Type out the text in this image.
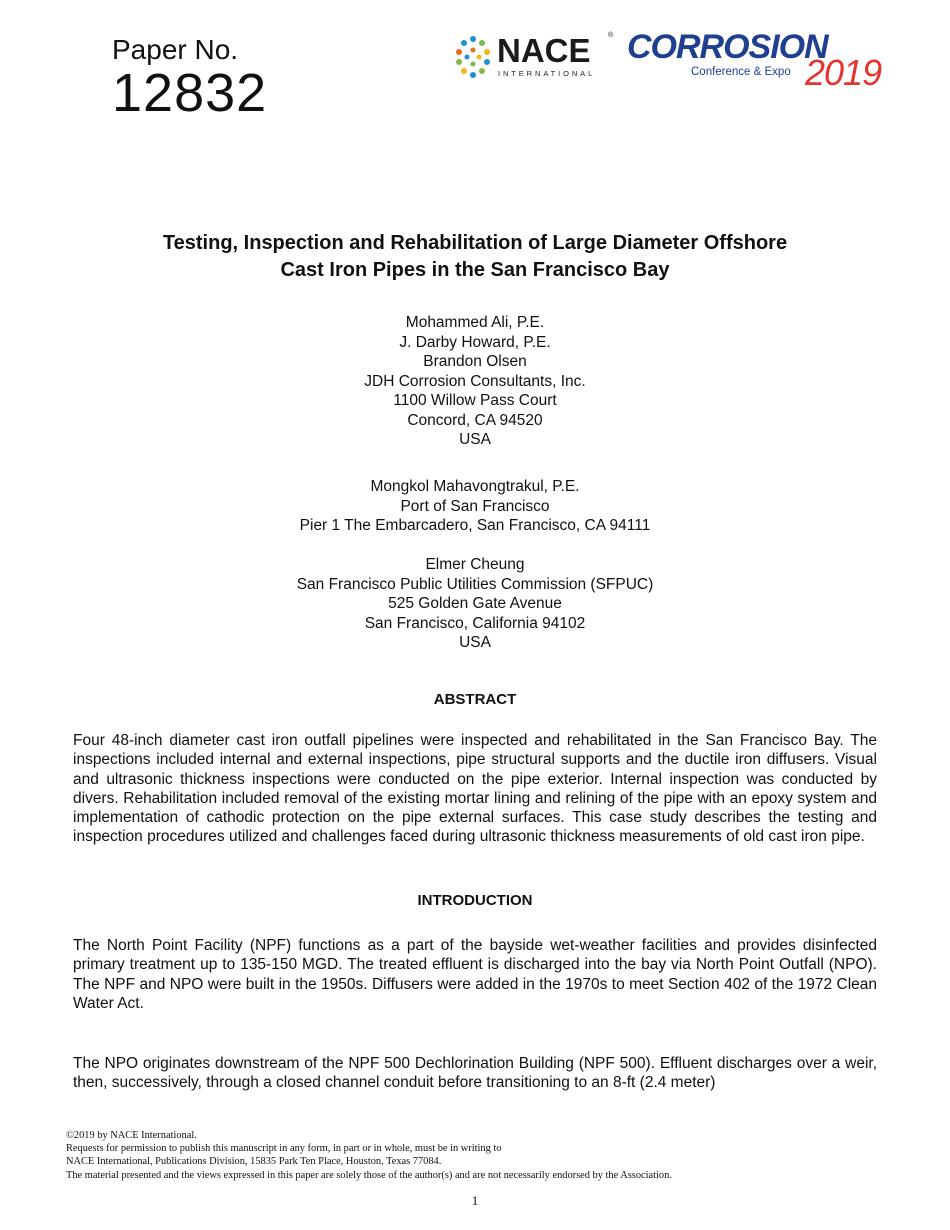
Paper No.
12832
NACE ®
INTERNATIONAL
CORROSION
Conference & Expo 2019
Testing, Inspection and Rehabilitation of Large Diameter Offshore
Cast Iron Pipes in the San Francisco Bay
Mohammed Ali, P.E.
J. Darby Howard, P.E.
Brandon Olsen
JDH Corrosion Consultants, Inc.
1100 Willow Pass Court
Concord, CA 94520
USA
Mongkol Mahavongtrakul, P.E.
Port of San Francisco
Pier 1 The Embarcadero, San Francisco, CA 94111
Elmer Cheung
San Francisco Public Utilities Commission (SFPUC)
525 Golden Gate Avenue
San Francisco, California 94102
USA
ABSTRACT

Four 48-inch diameter cast iron outfall pipelines were inspected and rehabilitated in the San Francisco Bay. The inspections included internal and external inspections, pipe structural supports and the ductile iron diffusers. Visual and ultrasonic thickness inspections were conducted on the pipe exterior. Internal inspection was conducted by divers. Rehabilitation included removal of the existing mortar lining and relining of the pipe with an epoxy system and implementation of cathodic protection on the pipe external surfaces. This case study describes the testing and inspection procedures utilized and challenges faced during ultrasonic thickness measurements of old cast iron pipe.

INTRODUCTION

The North Point Facility (NPF) functions as a part of the bayside wet-weather facilities and provides disinfected primary treatment up to 135-150 MGD. The treated effluent is discharged into the bay via North Point Outfall (NPO). The NPF and NPO were built in the 1950s. Diffusers were added in the 1970s to meet Section 402 of the 1972 Clean Water Act.

The NPO originates downstream of the NPF 500 Dechlorination Building (NPF 500). Effluent discharges over a weir, then, successively, through a closed channel conduit before transitioning to an 8-ft (2.4 meter)

©2019 by NACE International.
Requests for permission to publish this manuscript in any form, in part or in whole, must be in writing to
NACE International, Publications Division, 15835 Park Ten Place, Houston, Texas 77084.
The material presented and the views expressed in this paper are solely those of the author(s) and are not necessarily endorsed by the Association.
1
